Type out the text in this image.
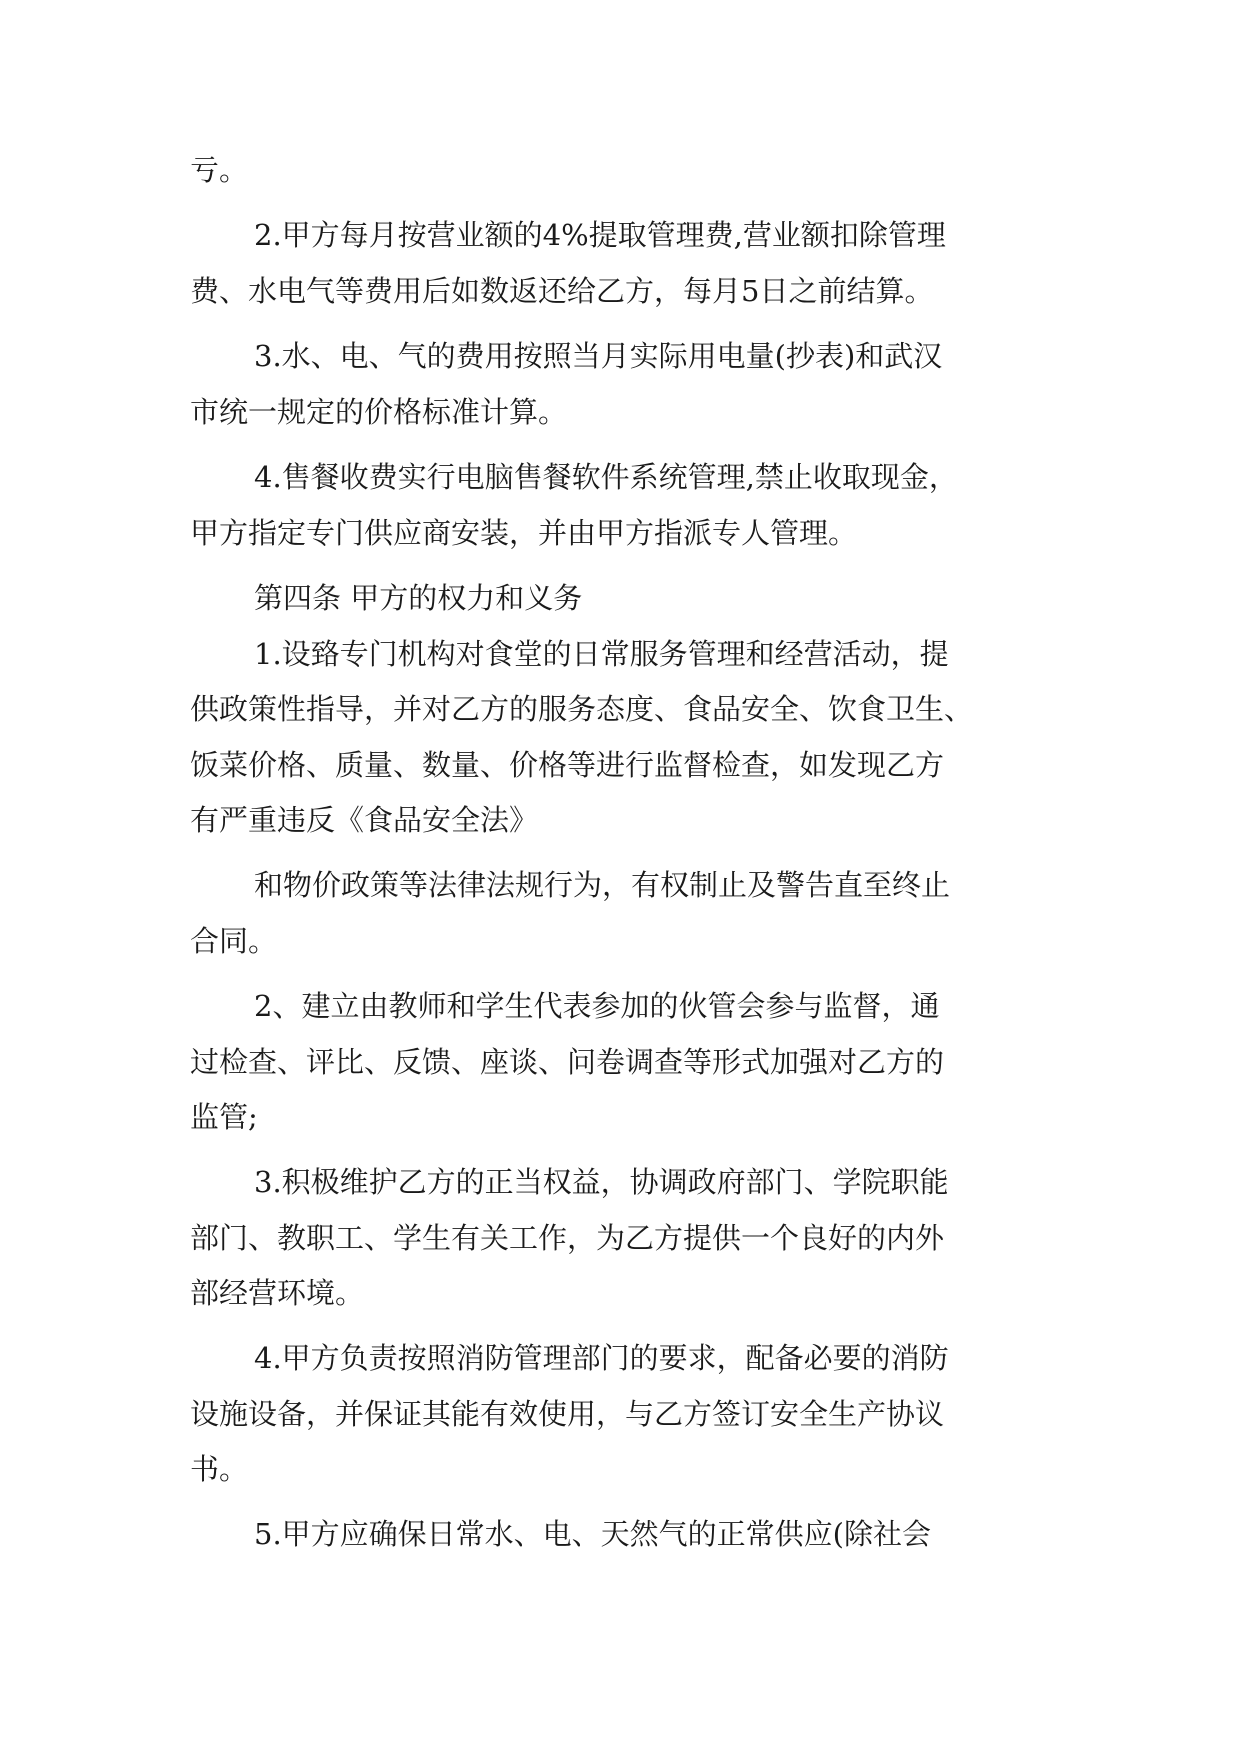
亏。
2.甲方每月按营业额的4%提取管理费,营业额扣除管理
费、水电气等费用后如数返还给乙方，每月5日之前结算。
3.水、电、气的费用按照当月实际用电量(抄表)和武汉
市统一规定的价格标准计算。
4.售餐收费实行电脑售餐软件系统管理,禁止收取现金，
甲方指定专门供应商安装，并由甲方指派专人管理。
第四条 甲方的权力和义务
1.设臵专门机构对食堂的日常服务管理和经营活动，提
供政策性指导，并对乙方的服务态度、食品安全、饮食卫生、
饭菜价格、质量、数量、价格等进行监督检查，如发现乙方
有严重违反《食品安全法》
和物价政策等法律法规行为，有权制止及警告直至终止
合同。
2、建立由教师和学生代表参加的伙管会参与监督，通
过检查、评比、反馈、座谈、问卷调查等形式加强对乙方的
监管;
3.积极维护乙方的正当权益，协调政府部门、学院职能
部门、教职工、学生有关工作，为乙方提供一个良好的内外
部经营环境。
4.甲方负责按照消防管理部门的要求，配备必要的消防
设施设备，并保证其能有效使用，与乙方签订安全生产协议
书。
5.甲方应确保日常水、电、天然气的正常供应(除社会
